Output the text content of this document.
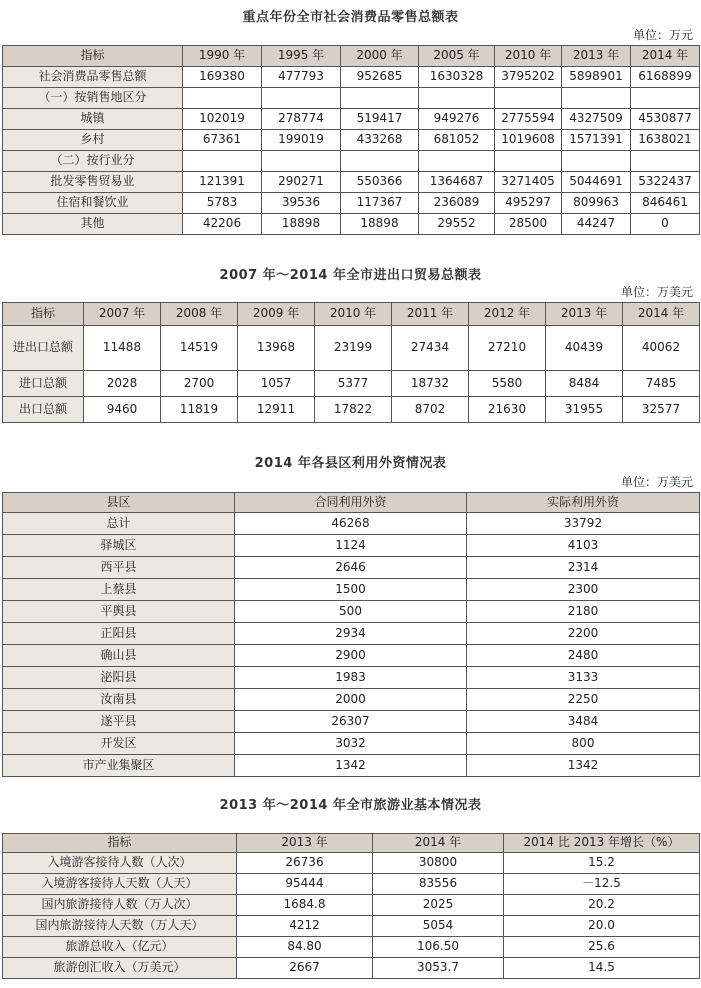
重点年份全市社会消费品零售总额表
单位：万元
指标	1990 年	1995 年	2000 年	2005 年	2010 年	2013 年	2014 年
社会消费品零售总额	169380	477793	952685	1630328	3795202	5898901	6168899
（一）按销售地区分							
城镇	102019	278774	519417	949276	2775594	4327509	4530877
乡村	67361	199019	433268	681052	1019608	1571391	1638021
（二）按行业分							
批发零售贸易业	121391	290271	550366	1364687	3271405	5044691	5322437
住宿和餐饮业	5783	39536	117367	236089	495297	809963	846461
其他	42206	18898	18898	29552	28500	44247	0
2007 年～2014 年全市进出口贸易总额表
单位：万美元
指标	2007 年	2008 年	2009 年	2010 年	2011 年	2012 年	2013 年	2014 年
进出口总额	11488	14519	13968	23199	27434	27210	40439	40062
进口总额	2028	2700	1057	5377	18732	5580	8484	7485
出口总额	9460	11819	12911	17822	8702	21630	31955	32577
2014 年各县区利用外资情况表
单位：万美元
县区	合同利用外资	实际利用外资
总计	46268	33792
驿城区	1124	4103
西平县	2646	2314
上蔡县	1500	2300
平舆县	500	2180
正阳县	2934	2200
确山县	2900	2480
泌阳县	1983	3133
汝南县	2000	2250
遂平县	26307	3484
开发区	3032	800
市产业集聚区	1342	1342
2013 年～2014 年全市旅游业基本情况表
指标	2013 年	2014 年	2014 比 2013 年增长（%）
入境游客接待人数（人次）	26736	30800	15.2
入境游客接待人天数（人天）	95444	83556	－12.5
国内旅游接待人数（万人次）	1684.8	2025	20.2
国内旅游接待人天数（万人天）	4212	5054	20.0
旅游总收入（亿元）	84.80	106.50	25.6
旅游创汇收入（万美元）	2667	3053.7	14.5
